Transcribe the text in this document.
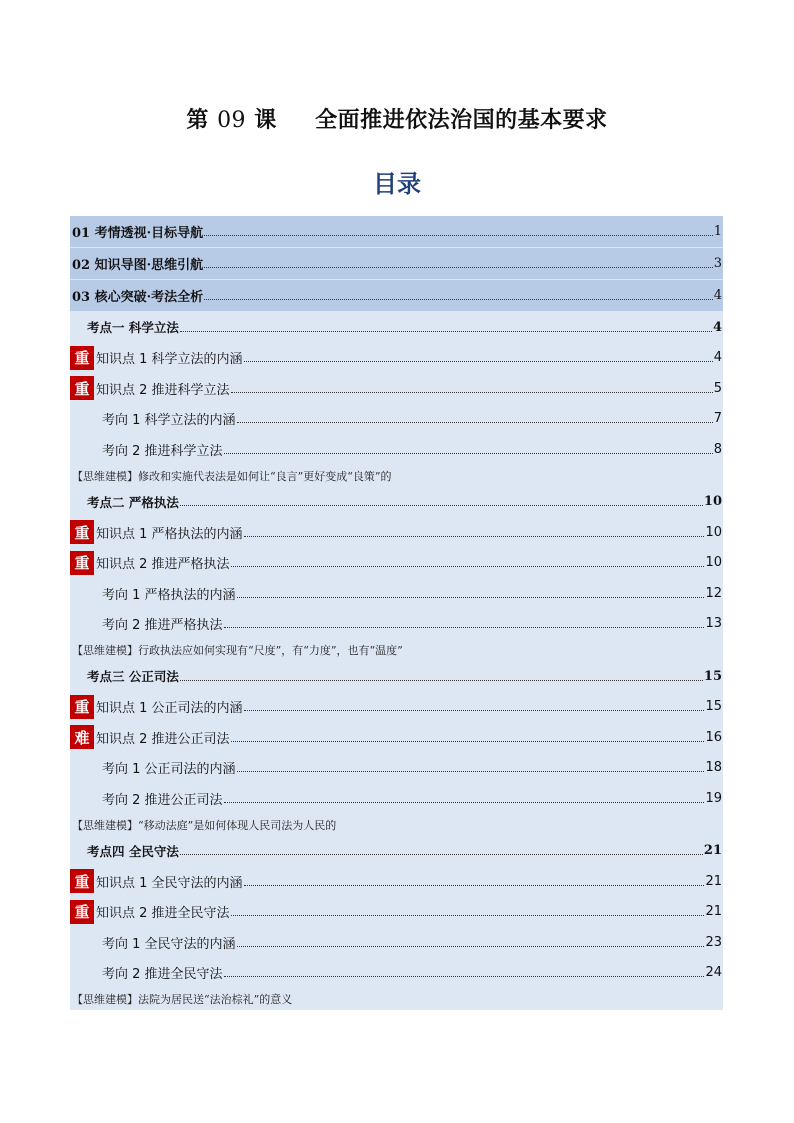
第 09 课 全面推进依法治国的基本要求
目录
01 考情透视·目标导航	1
02 知识导图·思维引航	3
03 核心突破·考法全析	4
考点一 科学立法	4
重 知识点 1 科学立法的内涵	4
重 知识点 2 推进科学立法	5
考向 1 科学立法的内涵	7
考向 2 推进科学立法	8
【思维建模】修改和实施代表法是如何让“良言”更好变成“良策”的
考点二 严格执法	10
重 知识点 1 严格执法的内涵	10
重 知识点 2 推进严格执法	10
考向 1 严格执法的内涵	12
考向 2 推进严格执法	13
【思维建模】行政执法应如何实现有“尺度”，有“力度”，也有“温度”
考点三 公正司法	15
重 知识点 1 公正司法的内涵	15
难 知识点 2 推进公正司法	16
考向 1 公正司法的内涵	18
考向 2 推进公正司法	19
【思维建模】“移动法庭”是如何体现人民司法为人民的
考点四 全民守法	21
重 知识点 1 全民守法的内涵	21
重 知识点 2 推进全民守法	21
考向 1 全民守法的内涵	23
考向 2 推进全民守法	24
【思维建模】法院为居民送“法治棕礼”的意义
